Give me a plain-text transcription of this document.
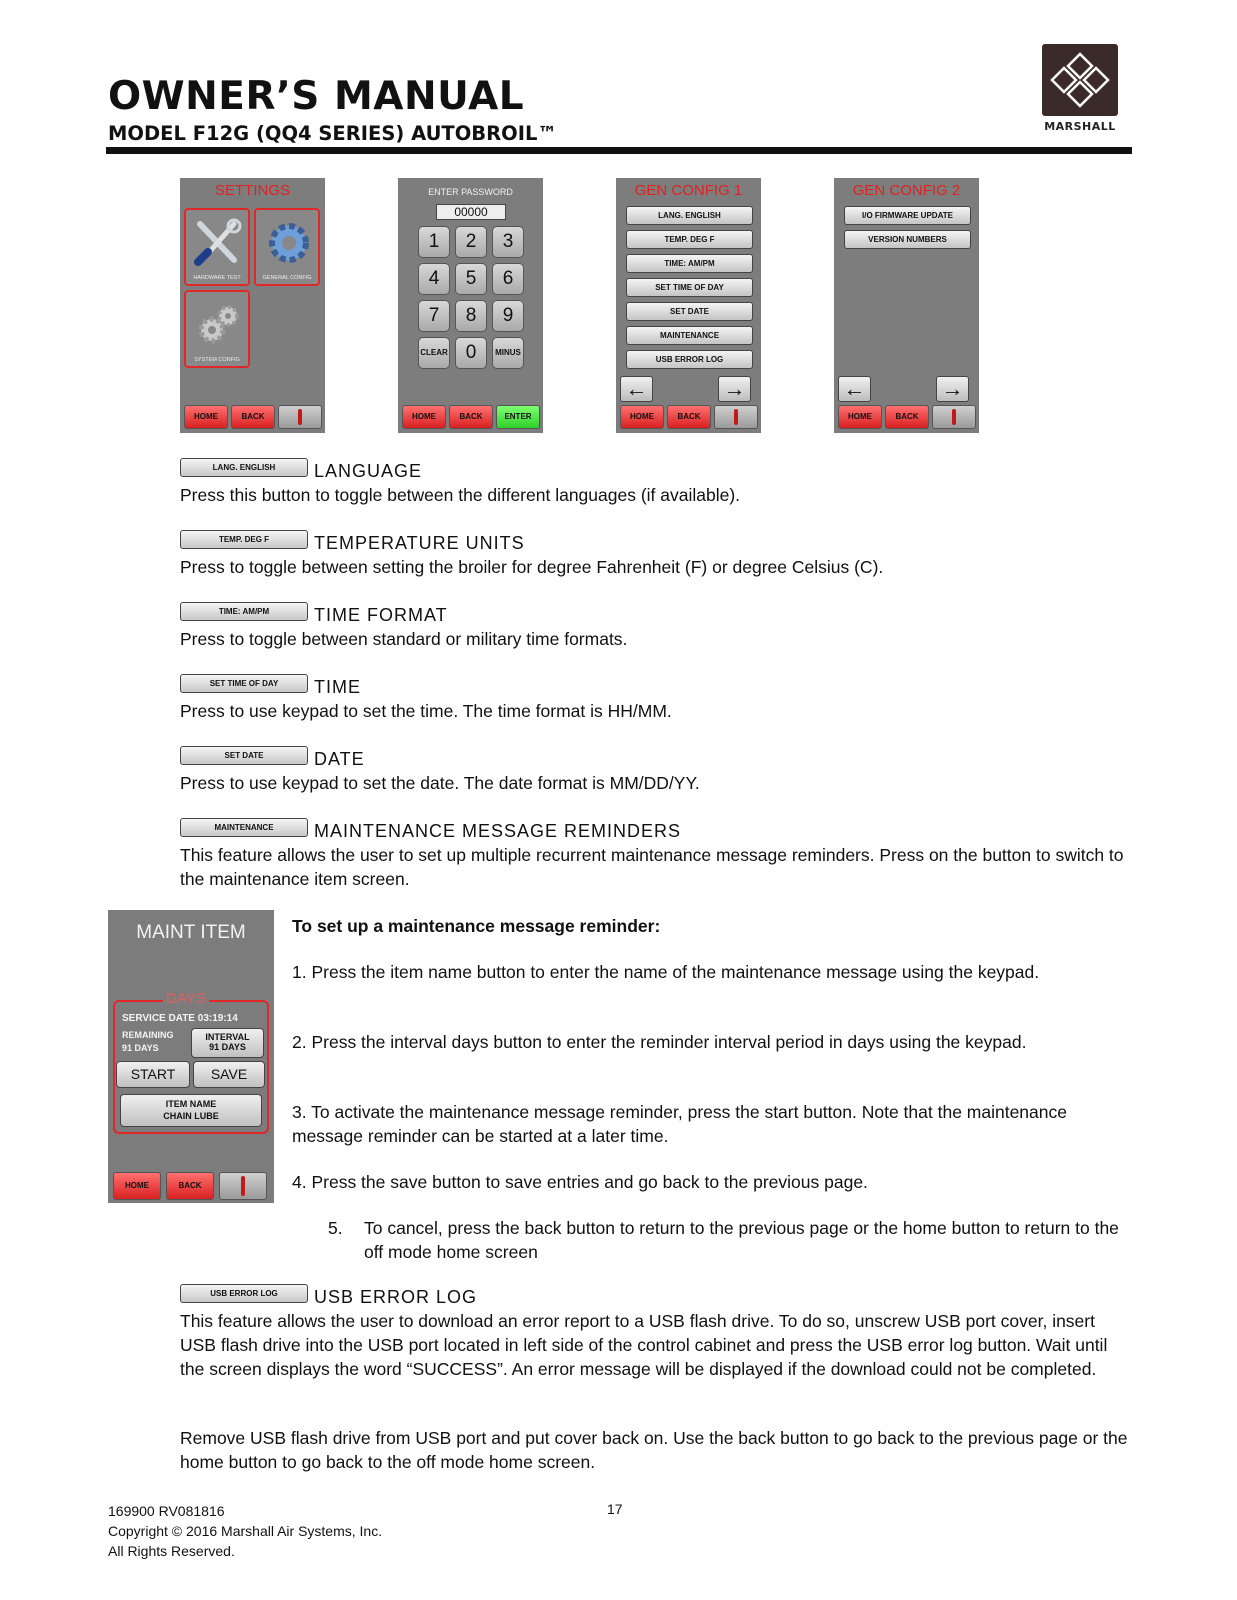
OWNER’S MANUAL
MODEL F12G (QQ4 SERIES) AUTOBROIL™	MARSHALL
SETTINGS
HARDWARE TEST	GENERAL CONFIG
SYSTEM CONFIG
HOME	BACK
ENTER PASSWORD
00000
1	2	3
4	5	6
7	8	9
CLEAR 0	MINUS
HOME	BACK	ENTER
GEN CONFIG 1
LANG. ENGLISH
TEMP. DEG F
TIME: AM/PM
SET TIME OF DAY
SET DATE
MAINTENANCE
USB ERROR LOG
←	→
HOME	BACK
GEN CONFIG 2
I/O FIRMWARE UPDATE
VERSION NUMBERS
←	→
HOME	BACK
LANG. ENGLISH	LANGUAGE
Press this button to toggle between the different languages (if available).
TEMP. DEG F	TEMPERATURE UNITS
Press to toggle between setting the broiler for degree Fahrenheit (F) or degree Celsius (C).
TIME: AM/PM	TIME FORMAT
Press to toggle between standard or military time formats.
SET TIME OF DAY	TIME
Press to use keypad to set the time. The time format is HH/MM.
SET DATE	DATE
Press to use keypad to set the date. The date format is MM/DD/YY.
MAINTENANCE	MAINTENANCE MESSAGE REMINDERS
This feature allows the user to set up multiple recurrent maintenance message reminders. Press on the button to switch to the maintenance item screen.
MAINT ITEM
DAYS
SERVICE DATE 03:19:14
REMAINING
91 DAYS
INTERVAL
91 DAYS
START	SAVE
ITEM NAME
CHAIN LUBE
HOME	BACK
To set up a maintenance message reminder:
1. Press the item name button to enter the name of the maintenance message using the keypad.
2. Press the interval days button to enter the reminder interval period in days using the keypad.
3. To activate the maintenance message reminder, press the start button. Note that the maintenance message reminder can be started at a later time.
4. Press the save button to save entries and go back to the previous page.
5.	To cancel, press the back button to return to the previous page or the home button to return to the off mode home screen
USB ERROR LOG	USB ERROR LOG
This feature allows the user to download an error report to a USB flash drive. To do so, unscrew USB port cover, insert USB flash drive into the USB port located in left side of the control cabinet and press the USB error log button. Wait until the screen displays the word “SUCCESS”. An error message will be displayed if the download could not be completed.
Remove USB flash drive from USB port and put cover back on. Use the back button to go back to the previous page or the home button to go back to the off mode home screen.
169900 RV081816
Copyright © 2016 Marshall Air Systems, Inc.
All Rights Reserved.
17
